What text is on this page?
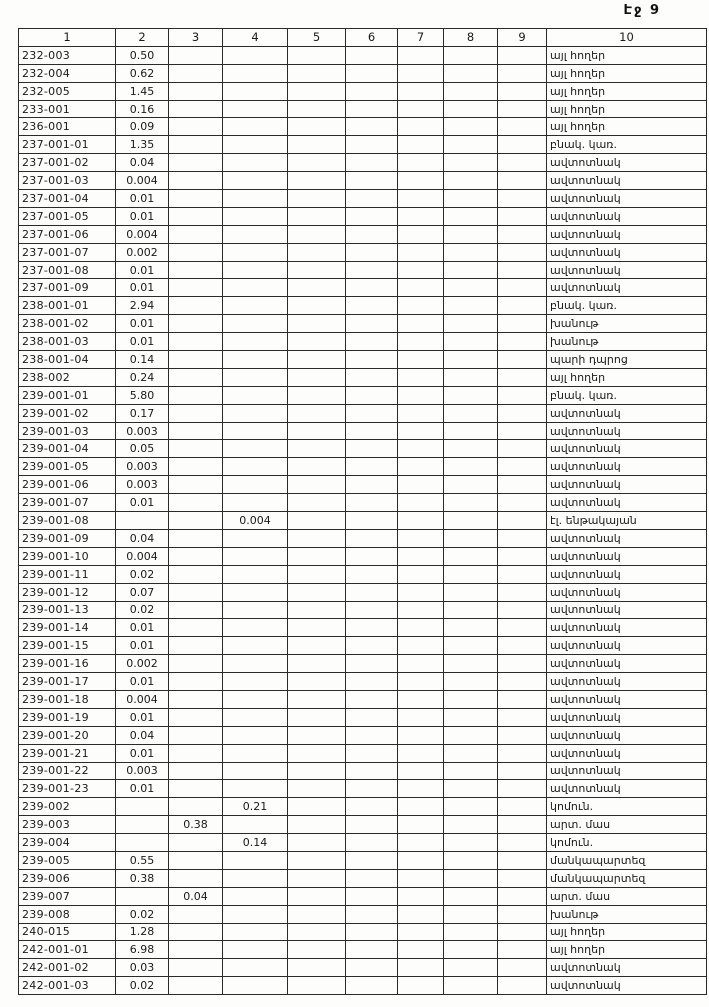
Էջ 9
1	2	3	4	5	6	7	8	9	10
232-003	0.50								այլ հողեր
232-004	0.62								այլ հողեր
232-005	1.45								այլ հողեր
233-001	0.16								այլ հողեր
236-001	0.09								այլ հողեր
237-001-01	1.35								բնակ. կառ.
237-001-02	0.04								ավտոտնակ
237-001-03	0.004								ավտոտնակ
237-001-04	0.01								ավտոտնակ
237-001-05	0.01								ավտոտնակ
237-001-06	0.004								ավտոտնակ
237-001-07	0.002								ավտոտնակ
237-001-08	0.01								ավտոտնակ
237-001-09	0.01								ավտոտնակ
238-001-01	2.94								բնակ. կառ.
238-001-02	0.01								խանութ
238-001-03	0.01								խանութ
238-001-04	0.14								պարի դպրոց
238-002	0.24								այլ հողեր
239-001-01	5.80								բնակ. կառ.
239-001-02	0.17								ավտոտնակ
239-001-03	0.003								ավտոտնակ
239-001-04	0.05								ավտոտնակ
239-001-05	0.003								ավտոտնակ
239-001-06	0.003								ավտոտնակ
239-001-07	0.01								ավտոտնակ
239-001-08			0.004						էլ. ենթակայան
239-001-09	0.04								ավտոտնակ
239-001-10	0.004								ավտոտնակ
239-001-11	0.02								ավտոտնակ
239-001-12	0.07								ավտոտնակ
239-001-13	0.02								ավտոտնակ
239-001-14	0.01								ավտոտնակ
239-001-15	0.01								ավտոտնակ
239-001-16	0.002								ավտոտնակ
239-001-17	0.01								ավտոտնակ
239-001-18	0.004								ավտոտնակ
239-001-19	0.01								ավտոտնակ
239-001-20	0.04								ավտոտնակ
239-001-21	0.01								ավտոտնակ
239-001-22	0.003								ավտոտնակ
239-001-23	0.01								ավտոտնակ
239-002			0.21						կոմուն.
239-003		0.38							արտ. մաս
239-004			0.14						կոմուն.
239-005	0.55								մանկապարտեզ
239-006	0.38								մանկապարտեզ
239-007		0.04							արտ. մաս
239-008	0.02								խանութ
240-015	1.28								այլ հողեր
242-001-01	6.98								այլ հողեր
242-001-02	0.03								ավտոտնակ
242-001-03	0.02								ավտոտնակ
